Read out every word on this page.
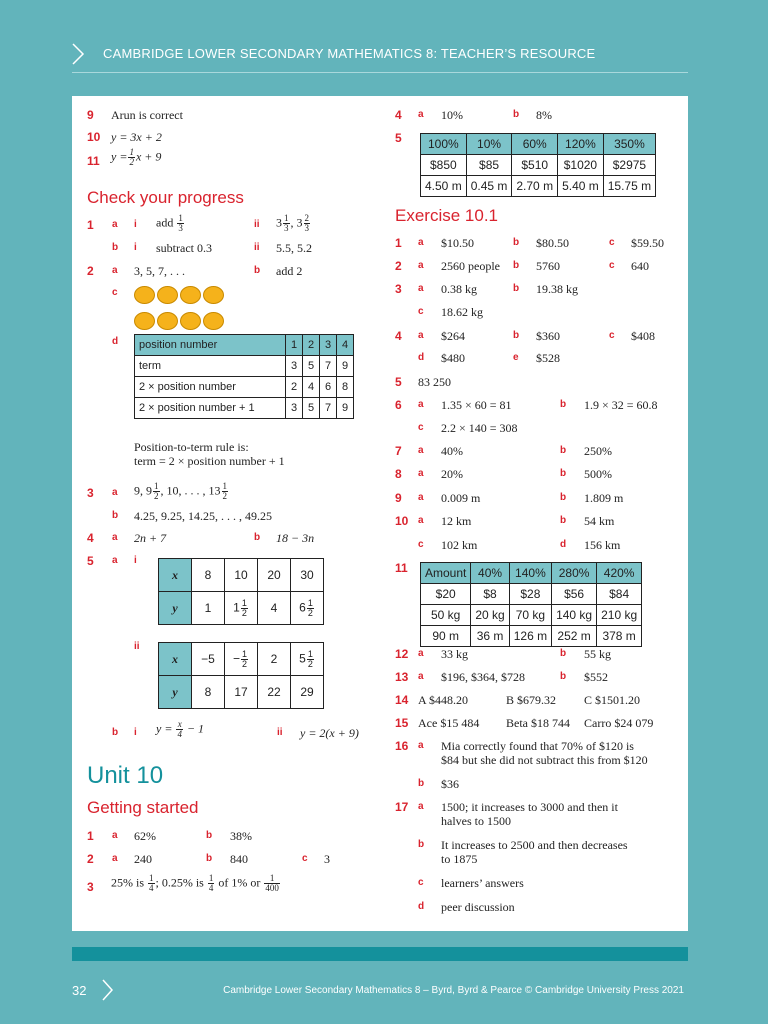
CAMBRIDGE LOWER SECONDARY MATHEMATICS 8: TEACHER’S RESOURCE
9 Arun is correct
10 y = 3x + 2
11 $y = \frac{1}{2}$ x + 9
Check your progress
1 a i add $\frac{1}{3}$	ii $3 \frac{1}{3}$ , $3 \frac{2}{3}$
b i subtract 0.3	ii 5.5, 5.2
2 a 3, 5, 7, . . .	b add 2
c
d position number	1	2	3	4
term	3	5	7	9
2 × position number	2	4	6	8
2 × position number + 1	3	5	7	9
Position-to-term rule is:
term = 2 × position number + 1
3 a 9, $9 \frac{1}{2}$ , 10, . . . , $13 \frac{1}{2}$
b 4.25, 9.25, 14.25, . . . , 49.25
4 a 2n + 7	b 18 − 3n
5 a i
x	8	10	20	30
y	1	$1 \frac{1}{2}$	4	$6 \frac{1}{2}$
ii
x	−5	− $\frac{1}{2}$	2	$5 \frac{1}{2}$

y	8	17	22	29
b i $y = \frac{x}{4} - 1$	ii y = 2(x + 9)
Unit 10
Getting started
1 a 62%	b 38%
2 a 240	b 840	c 3
3 25% is $\frac{1}{4}$ ; 0.25% is $\frac{1}{4}$ of 1% or $\frac{1}{400}$
4 a 10%	b 8%
5 100%	10%	60%	120%	350%
$850	$85	$510	$1020	$2975
4.50 m	0.45 m	2.70 m	5.40 m	15.75 m
Exercise 10.1
1 a $10.50	b $80.50	c $59.50
2 a 2560 people b 5760	c 640
3 a 0.38 kg	b 19.38 kg
c 18.62 kg
4 a $264	b $360	c $408
d $480	e $528
5 83 250
6 a 1.35 × 60 = 81	b 1.9 × 32 = 60.8
c 2.2 × 140 = 308
7 a 40%	b 250%
8 a 20%	b 500%
9 a 0.009 m	b 1.809 m
10 a 12 km	b 54 km
c 102 km	d 156 km
11 Amount	40%	140%	280%	420%
$20	$8	$28	$56	$84
50 kg	20 kg	70 kg	140 kg	210 kg
90 m	36 m	126 m	252 m	378 m
12 a 33 kg	b 55 kg
13 a $196, $364, $728	b $552
14 A $448.20	B $679.32 C $1501.20
15 Ace $15 484 Beta $18 744 Carro $24 079
16 a Mia correctly found that 70% of $120 is
$84 but she did not subtract this from $120
b $36
17 a 1500; it increases to 3000 and then it
halves to 1500
b It increases to 2500 and then decreases
to 1875
c learners’ answers
d peer discussion
32	Cambridge Lower Secondary Mathematics 8 – Byrd, Byrd & Pearce © Cambridge University Press 2021
